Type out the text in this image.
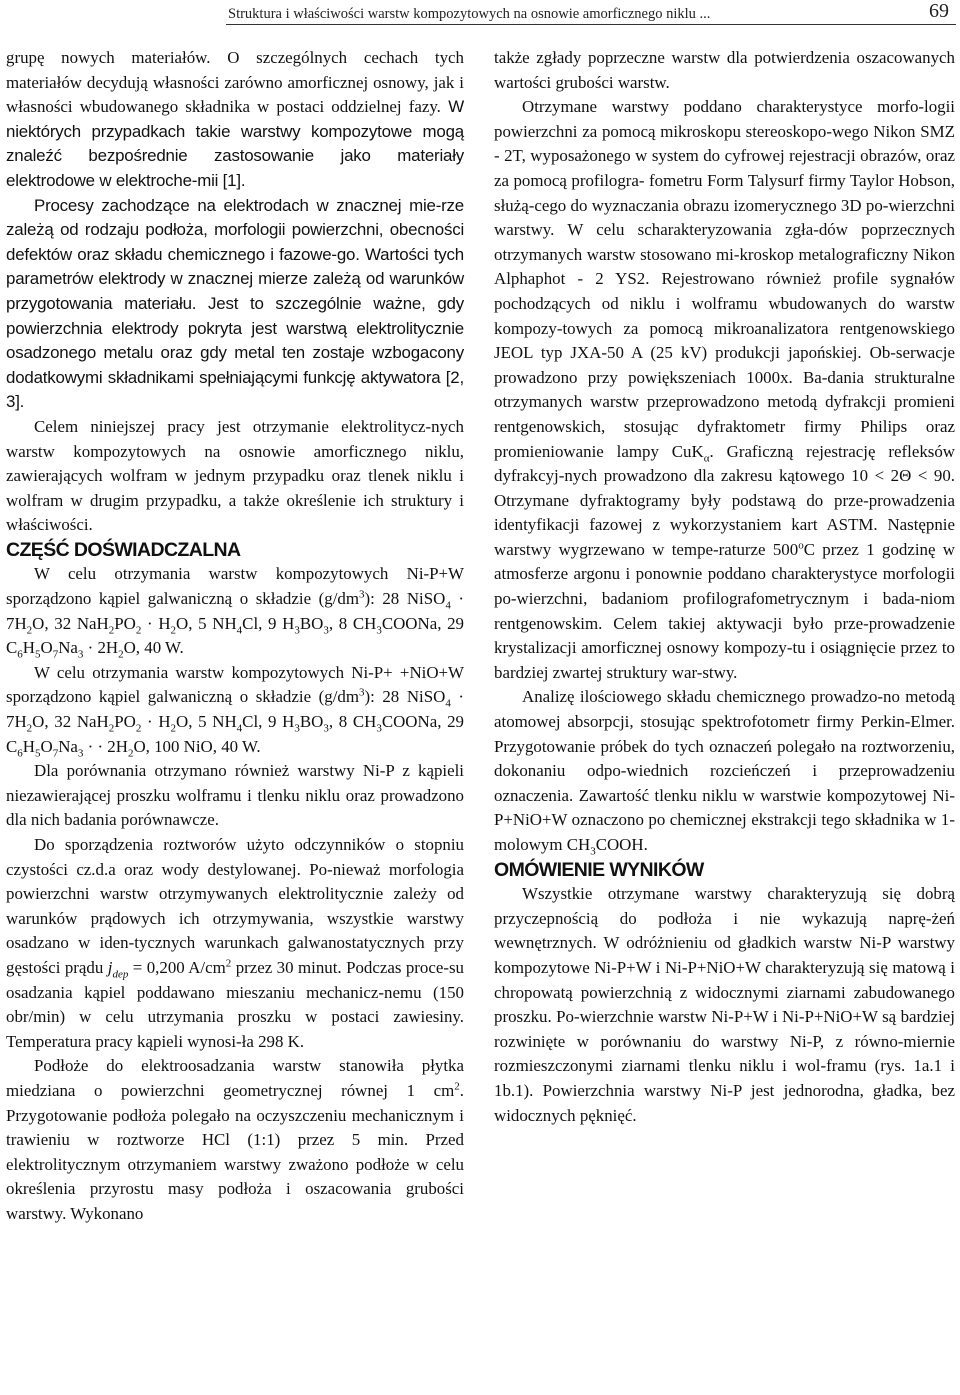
Struktura i właściwości warstw kompozytowych na osnowie amorficznego niklu ...	69

grupę nowych materiałów. O szczególnych cechach tych materiałów decydują własności zarówno amorficznej osnowy, jak i własności wbudowanego składnika w postaci oddzielnej fazy. W niektórych przypadkach takie warstwy kompozytowe mogą znaleźć bezpośrednie zastosowanie jako materiały elektrodowe w elektroche-mii [1].

Procesy zachodzące na elektrodach w znacznej mie-rze zależą od rodzaju podłoża, morfologii powierzchni, obecności defektów oraz składu chemicznego i fazowe-go. Wartości tych parametrów elektrody w znacznej mierze zależą od warunków przygotowania materiału. Jest to szczególnie ważne, gdy powierzchnia elektrody pokryta jest warstwą elektrolitycznie osadzonego metalu oraz gdy metal ten zostaje wzbogacony dodatkowymi składnikami spełniającymi funkcję aktywatora [2, 3].

Celem niniejszej pracy jest otrzymanie elektrolitycz-nych warstw kompozytowych na osnowie amorficznego niklu, zawierających wolfram w jednym przypadku oraz tlenek niklu i wolfram w drugim przypadku, a także określenie ich struktury i właściwości.

CZĘŚĆ DOŚWIADCZALNA

W celu otrzymania warstw kompozytowych Ni-P+W sporządzono kąpiel galwaniczną o składzie $(g/dm^3)$: 28 NiSO$_4$ · $7H_2O$, 32 $NaH_2PO_2 \cdot H_2O$, 5 $NH_4Cl$, 9 $H_3BO_3$, 8 $CH_3COONa$, 29 $C_6H_5O_7Na_3 \cdot 2H_2O$, 40 W.

W celu otrzymania warstw kompozytowych Ni-P+ +NiO+W sporządzono kąpiel galwaniczną o składzie $(g/dm^3)$: 28 NiSO$_4$ · $7H_2O$, 32 $NaH_2PO_2 \cdot H_2O$, 5 $NH_4Cl$, 9 $H_3BO_3$, 8 $CH_3COONa$, 29 $C_6H_5O_7Na_3$ · · $2H_2O$, 100 NiO, 40 W.

Dla porównania otrzymano również warstwy Ni-P z kąpieli niezawierającej proszku wolframu i tlenku niklu oraz prowadzono dla nich badania porównawcze.

Do sporządzenia roztworów użyto odczynników o stopniu czystości cz.d.a oraz wody destylowanej. Po-nieważ morfologia powierzchni warstw otrzymywanych elektrolitycznie zależy od warunków prądowych ich otrzymywania, wszystkie warstwy osadzano w iden-tycznych warunkach galwanostatycznych przy gęstości prądu $j_{dep} = 0,200$ $A/cm^2$ przez 30 minut. Podczas proce-su osadzania kąpiel poddawano mieszaniu mechanicz-nemu (150 obr/min) w celu utrzymania proszku w postaci zawiesiny. Temperatura pracy kąpieli wynosi-ła 298 K.

Podłoże do elektroosadzania warstw stanowiła płytka miedziana o powierzchni geometrycznej równej 1 $cm^2$. Przygotowanie podłoża polegało na oczyszczeniu mechanicznym i trawieniu w roztworze HCl (1:1) przez 5 min. Przed elektrolitycznym otrzymaniem warstwy zważono podłoże w celu określenia przyrostu masy podłoża i oszacowania grubości warstwy. Wykonano

także zgłady poprzeczne warstw dla potwierdzenia oszacowanych wartości grubości warstw.

Otrzymane warstwy poddano charakterystyce morfo-logii powierzchni za pomocą mikroskopu stereoskopo-wego Nikon SMZ - 2T, wyposażonego w system do cyfrowej rejestracji obrazów, oraz za pomocą profilogra- fometru Form Talysurf firmy Taylor Hobson, służą-cego do wyznaczania obrazu izomerycznego 3D po-wierzchni warstwy. W celu scharakteryzowania zgła-dów poprzecznych otrzymanych warstw stosowano mi-kroskop metalograficzny Nikon Alphaphot - 2 YS2. Rejestrowano również profile sygnałów pochodzących od niklu i wolframu wbudowanych do warstw kompozy-towych za pomocą mikroanalizatora rentgenowskiego JEOL typ JXA-50 A (25 kV) produkcji japońskiej. Ob-serwacje prowadzono przy powiększeniach 1000x. Ba-dania strukturalne otrzymanych warstw przeprowadzono metodą dyfrakcji promieni rentgenowskich, stosując dyfraktometr firmy Philips oraz promieniowanie lampy CuK$_\alpha$. Graficzną rejestrację refleksów dyfrakcyj-nych prowadzono dla zakresu kątowego 10 < 2Θ < 90. Otrzymane dyfraktogramy były podstawą do prze-prowadzenia identyfikacji fazowej z wykorzystaniem kart ASTM. Następnie warstwy wygrzewano w tempe-raturze 500$^o$C przez 1 godzinę w atmosferze argonu i ponownie poddano charakterystyce morfologii po-wierzchni, badaniom profilografometrycznym i bada-niom rentgenowskim. Celem takiej aktywacji było prze-prowadzenie krystalizacji amorficznej osnowy kompozy-tu i osiągnięcie przez to bardziej zwartej struktury war-stwy.

Analizę ilościowego składu chemicznego prowadzo-no metodą atomowej absorpcji, stosując spektrofotometr firmy Perkin-Elmer. Przygotowanie próbek do tych oznaczeń polegało na roztworzeniu, dokonaniu odpo-wiednich rozcieńczeń i przeprowadzeniu oznaczenia. Zawartość tlenku niklu w warstwie kompozytowej Ni-P+NiO+W oznaczono po chemicznej ekstrakcji tego składnika w 1-molowym $CH_3COOH$.

OMÓWIENIE WYNIKÓW

Wszystkie otrzymane warstwy charakteryzują się dobrą przyczepnością do podłoża i nie wykazują naprę-żeń wewnętrznych. W odróżnieniu od gładkich warstw Ni-P warstwy kompozytowe Ni-P+W i Ni-P+NiO+W charakteryzują się matową i chropowatą powierzchnią z widocznymi ziarnami zabudowanego proszku. Po-wierzchnie warstw Ni-P+W i Ni-P+NiO+W są bardziej rozwinięte w porównaniu do warstwy Ni-P, z równo-miernie rozmieszczonymi ziarnami tlenku niklu i wol-framu (rys. 1a.1 i 1b.1). Powierzchnia warstwy Ni-P jest jednorodna, gładka, bez widocznych pęknięć.
